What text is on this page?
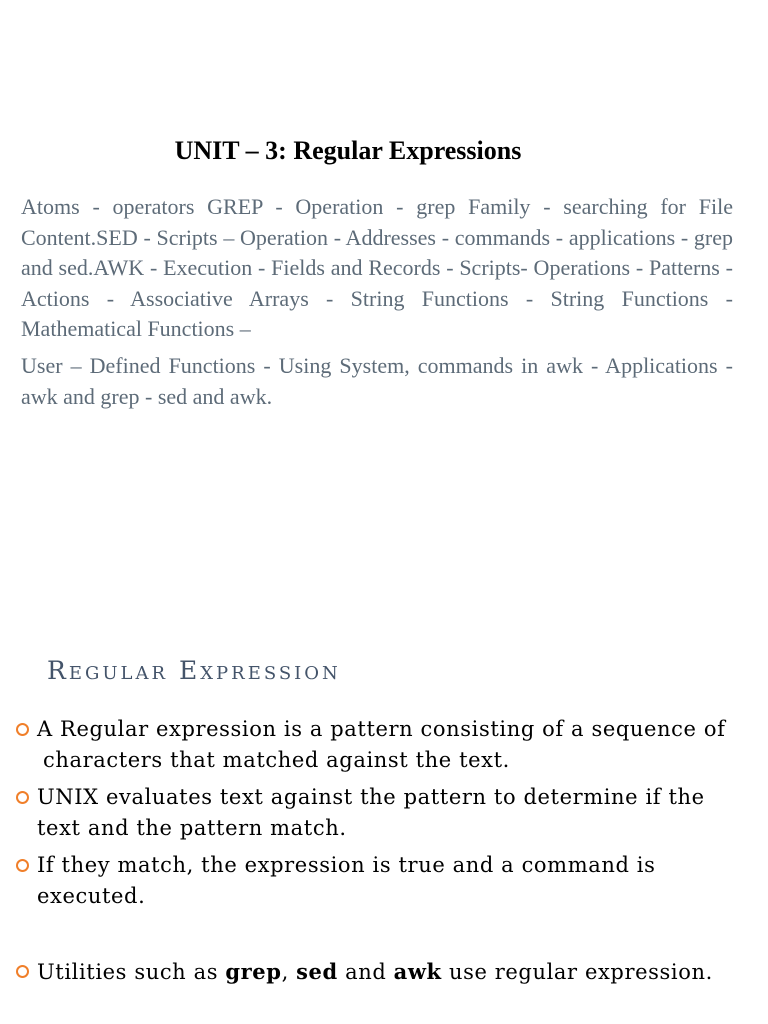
UNIT – 3: Regular Expressions

Atoms - operators GREP - Operation - grep Family - searching for File Content.SED - Scripts – Operation - Addresses - commands - applications - grep and sed.AWK - Execution - Fields and Records - Scripts- Operations - Patterns - Actions - Associative Arrays - String Functions - String Functions -Mathematical Functions –

User – Defined Functions - Using System, commands in awk - Applications -awk and grep - sed and awk.

Regular Expression
A Regular expression is a pattern consisting of a sequence of
characters that matched against the text.
UNIX evaluates text against the pattern to determine if the
text and the pattern match.
If they match, the expression is true and a command is
executed.
Utilities such as grep, sed and awk use regular expression.
